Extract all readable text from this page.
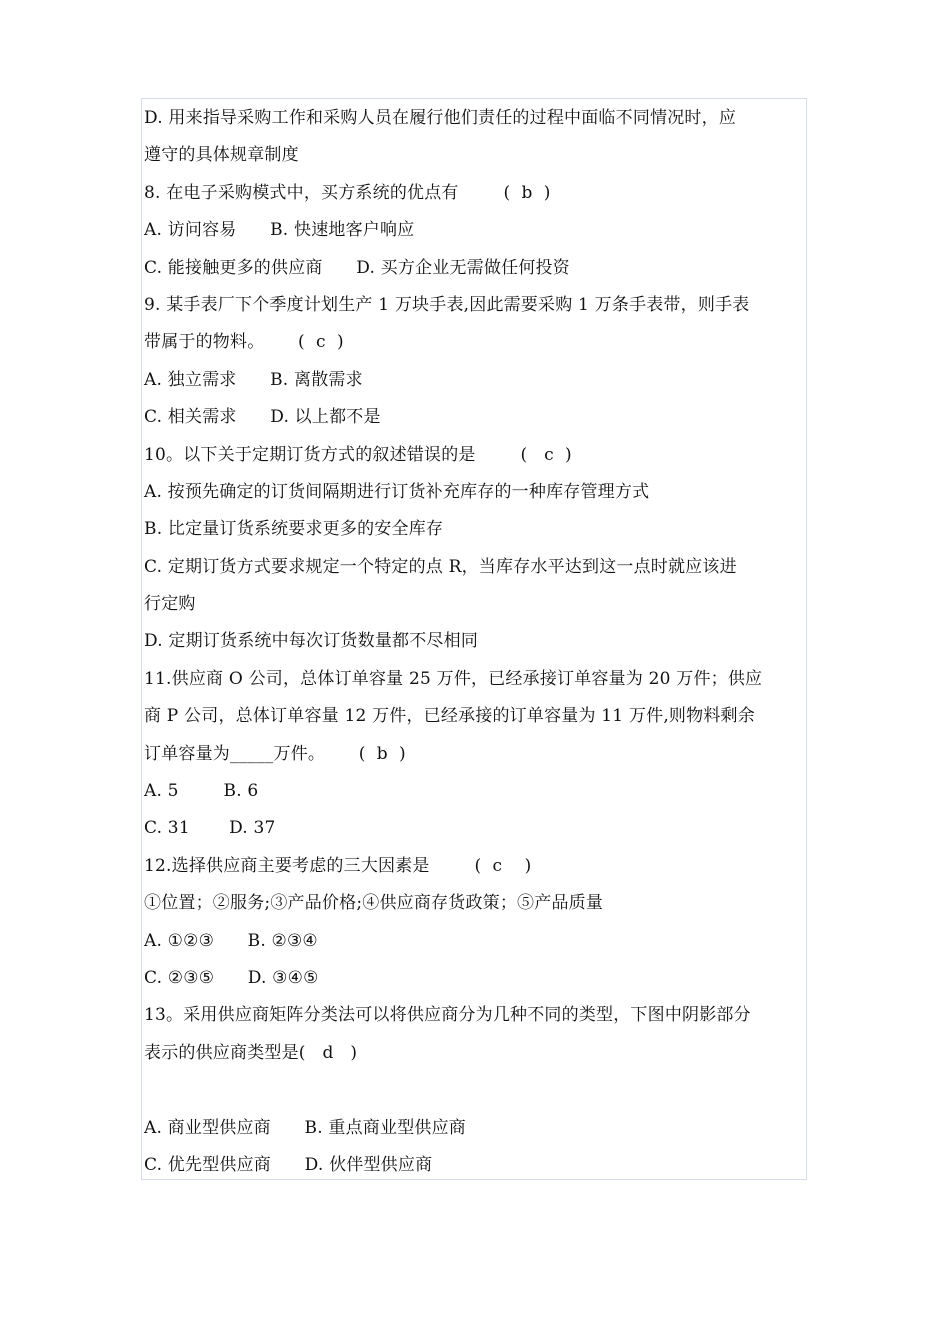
D. 用来指导采购工作和采购人员在履行他们责任的过程中面临不同情况时，应
遵守的具体规章制度
8. 在电子采购模式中，买方系统的优点有        (  b  )
A. 访问容易      B. 快速地客户响应
C. 能接触更多的供应商      D. 买方企业无需做任何投资
9. 某手表厂下个季度计划生产 1 万块手表,因此需要采购 1 万条手表带，则手表
带属于的物料。      (  c  )
A. 独立需求      B. 离散需求
C. 相关需求      D. 以上都不是
10。以下关于定期订货方式的叙述错误的是        (   c  )
A. 按预先确定的订货间隔期进行订货补充库存的一种库存管理方式
B. 比定量订货系统要求更多的安全库存
C. 定期订货方式要求规定一个特定的点 R，当库存水平达到这一点时就应该进
行定购
D. 定期订货系统中每次订货数量都不尽相同
11.供应商 O 公司，总体订单容量 25 万件，已经承接订单容量为 20 万件；供应
商 P 公司，总体订单容量 12 万件，已经承接的订单容量为 11 万件,则物料剩余
订单容量为_____万件。      (  b  )
A. 5        B. 6
C. 31       D. 37
12.选择供应商主要考虑的三大因素是        (  c    )
①位置；②服务;③产品价格;④供应商存货政策；⑤产品质量
A. ①②③      B. ②③④
C. ②③⑤      D. ③④⑤
13。采用供应商矩阵分类法可以将供应商分为几种不同的类型，下图中阴影部分
表示的供应商类型是(   d   )
A. 商业型供应商      B. 重点商业型供应商
C. 优先型供应商      D. 伙伴型供应商
